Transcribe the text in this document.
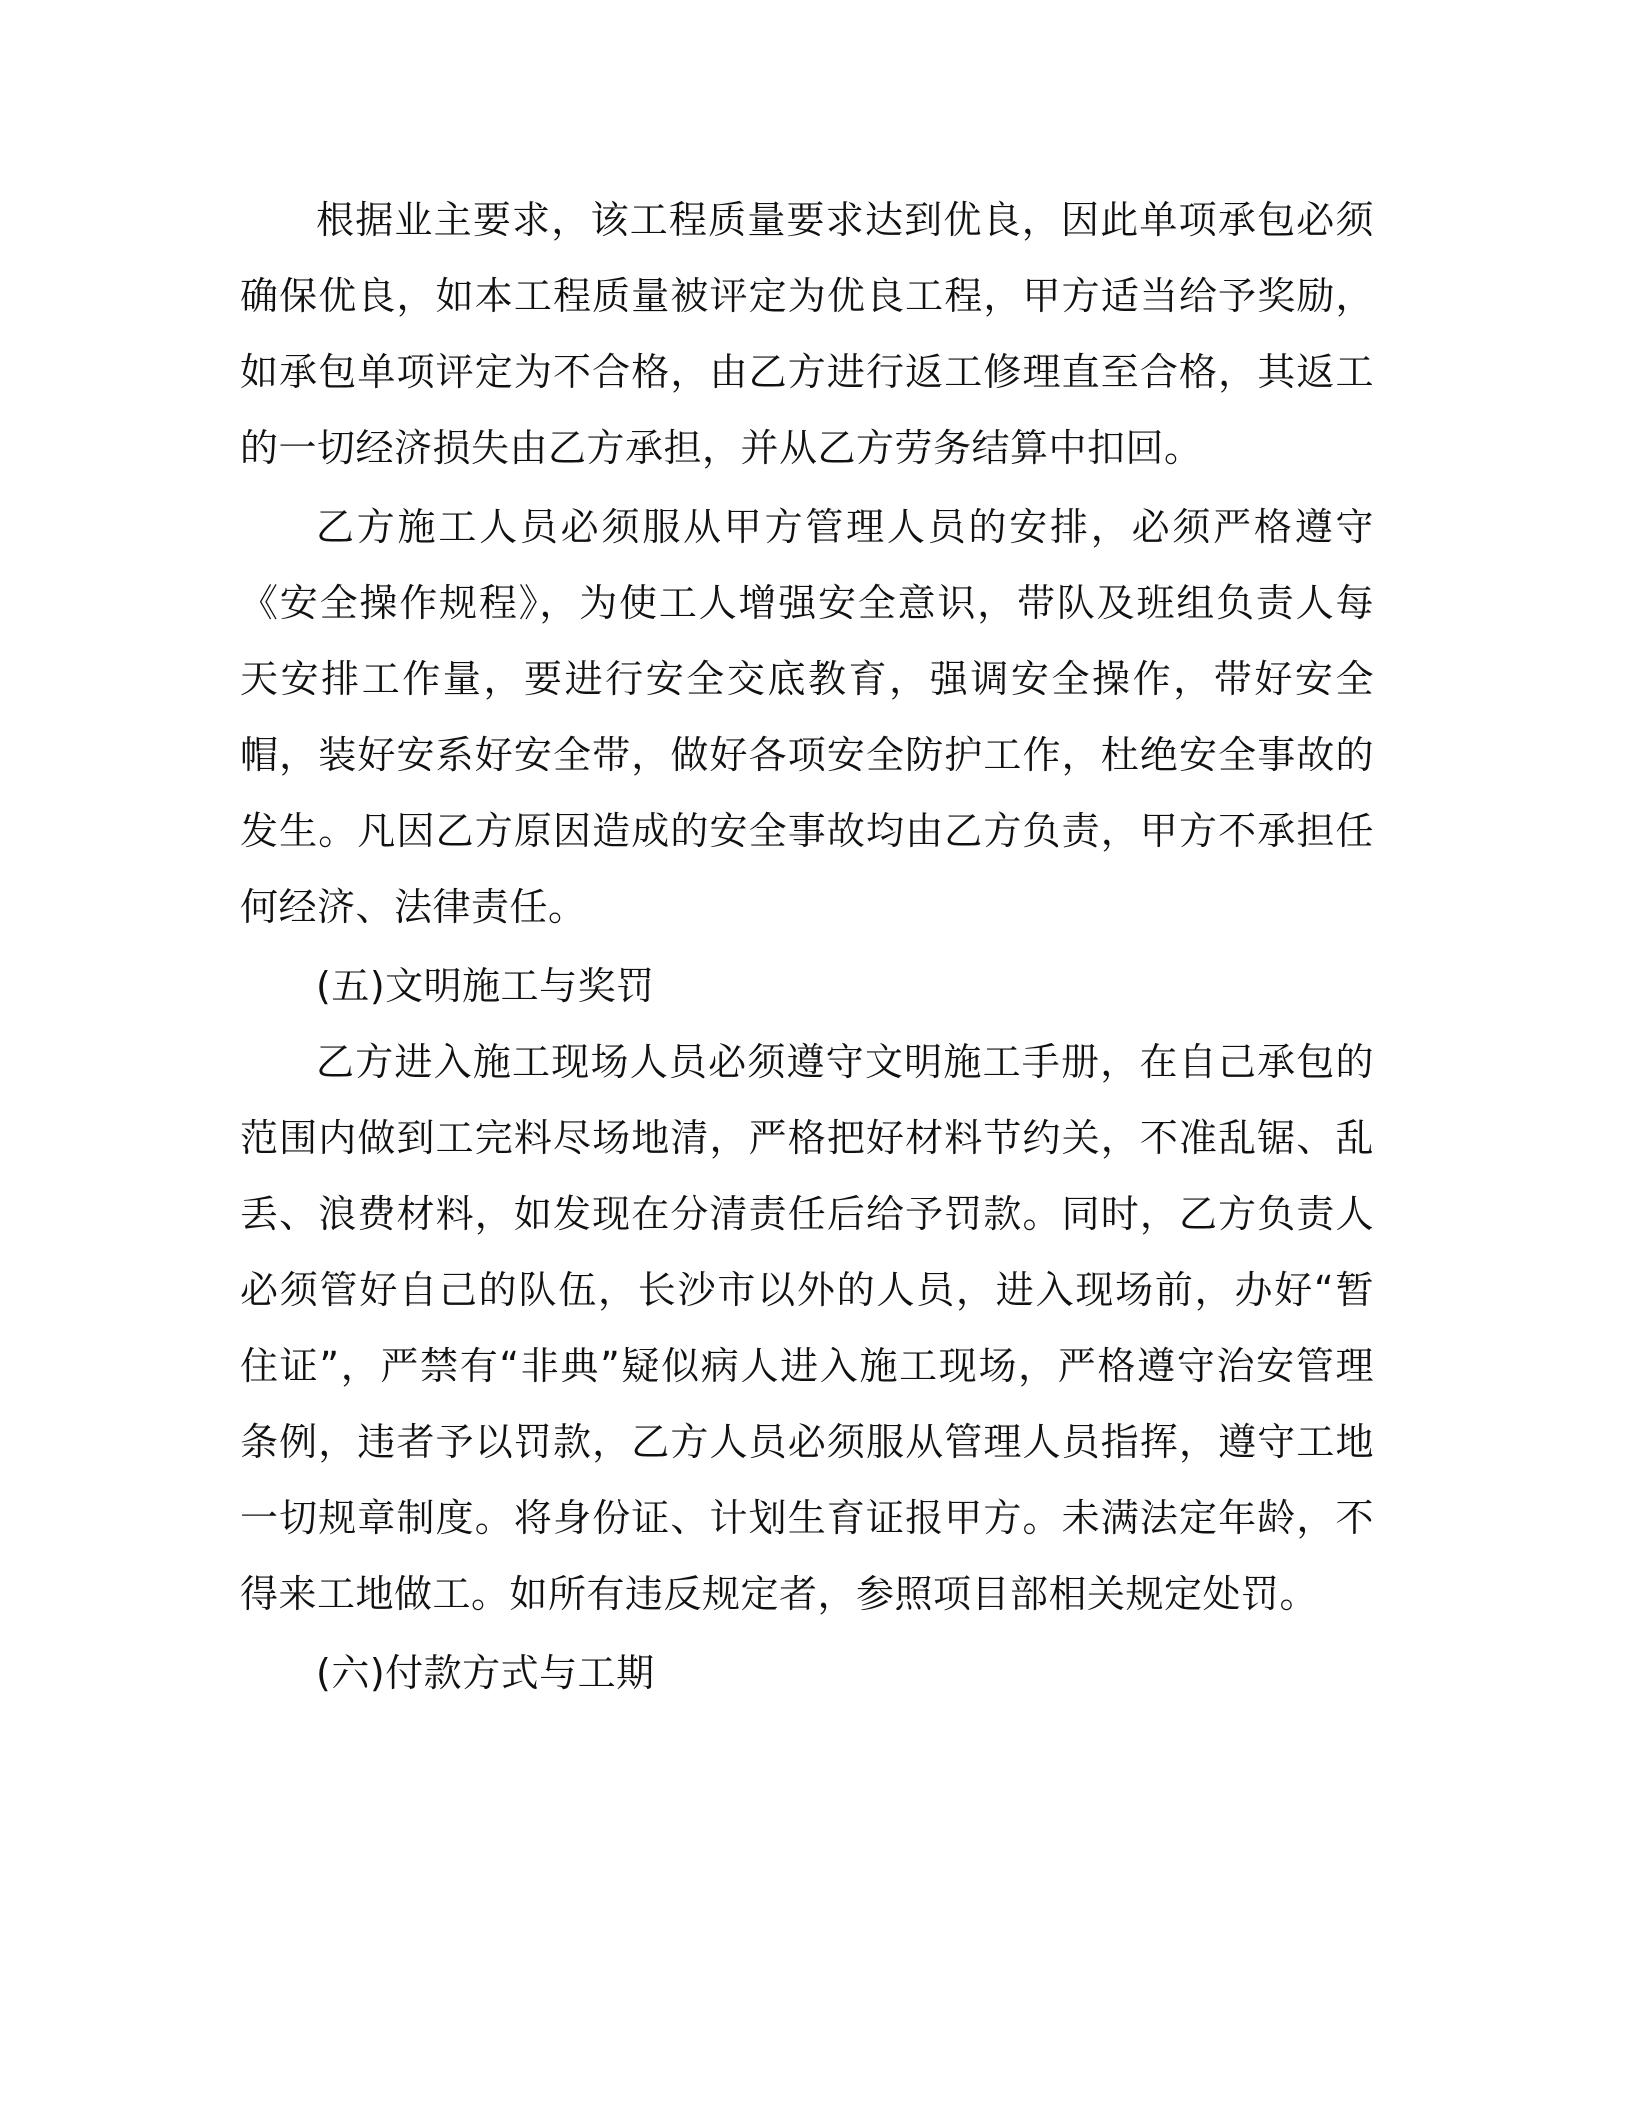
根据业主要求，该工程质量要求达到优良，因此单项承包必须确保优良，如本工程质量被评定为优良工程，甲方适当给予奖励，如承包单项评定为不合格，由乙方进行返工修理直至合格，其返工的一切经济损失由乙方承担，并从乙方劳务结算中扣回。

乙方施工人员必须服从甲方管理人员的安排，必须严格遵守《安全操作规程》，为使工人增强安全意识，带队及班组负责人每天安排工作量，要进行安全交底教育，强调安全操作，带好安全帽，装好安系好安全带，做好各项安全防护工作，杜绝安全事故的发生。凡因乙方原因造成的安全事故均由乙方负责，甲方不承担任何经济、法律责任。

(五)文明施工与奖罚

乙方进入施工现场人员必须遵守文明施工手册，在自己承包的范围内做到工完料尽场地清，严格把好材料节约关，不准乱锯、乱丢、浪费材料，如发现在分清责任后给予罚款。同时，乙方负责人必须管好自己的队伍，长沙市以外的人员，进入现场前，办好“暂住证”，严禁有“非典”疑似病人进入施工现场，严格遵守治安管理条例，违者予以罚款，乙方人员必须服从管理人员指挥，遵守工地一切规章制度。将身份证、计划生育证报甲方。未满法定年龄，不得来工地做工。如所有违反规定者，参照项目部相关规定处罚。

(六)付款方式与工期
